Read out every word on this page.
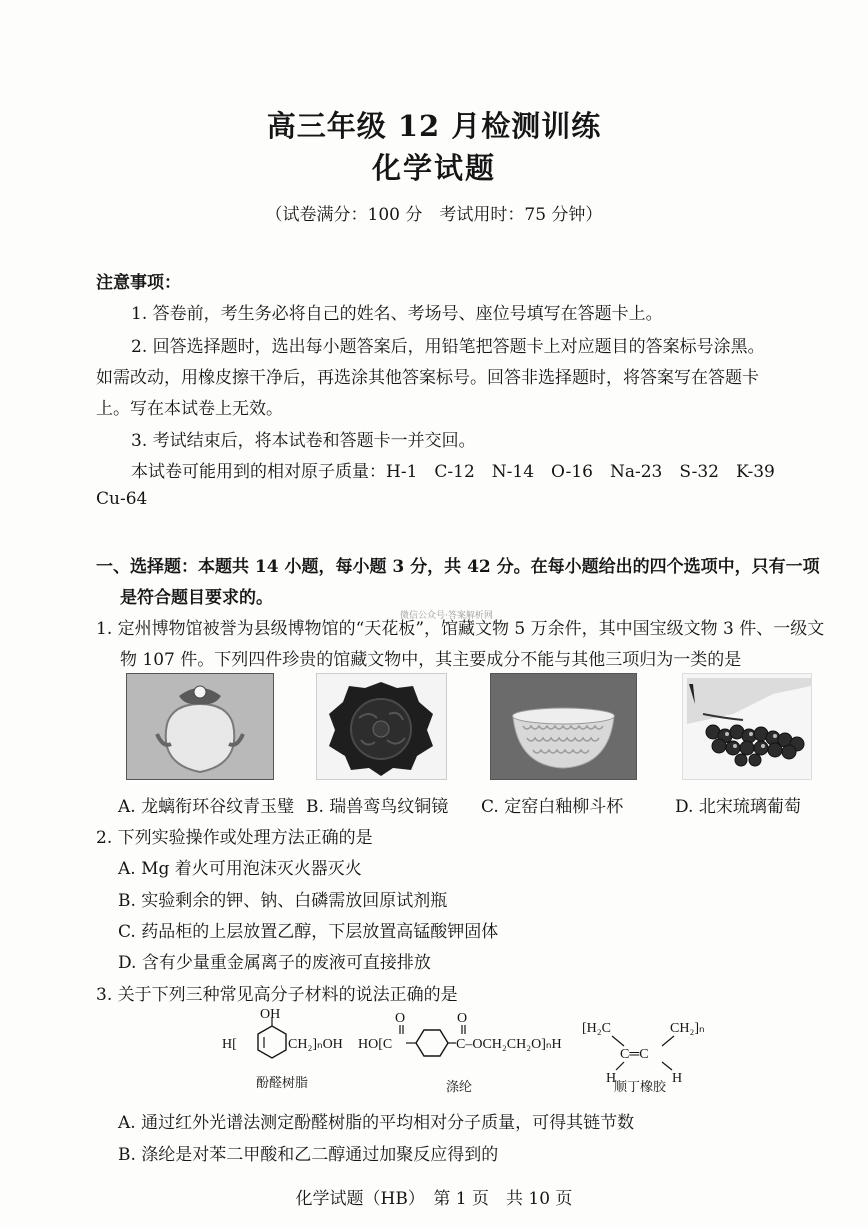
高三年级 12 月检测训练
化学试题
（试卷满分：100 分　考试用时：75 分钟）
注意事项：
1. 答卷前，考生务必将自己的姓名、考场号、座位号填写在答题卡上。
2. 回答选择题时，选出每小题答案后，用铅笔把答题卡上对应题目的答案标号涂黑。
如需改动，用橡皮擦干净后，再选涂其他答案标号。回答非选择题时，将答案写在答题卡
上。写在本试卷上无效。
3. 考试结束后，将本试卷和答题卡一并交回。
本试卷可能用到的相对原子质量：H-1　C-12　N-14　O-16　Na-23　S-32　K-39
Cu-64
一、选择题：本题共 14 小题，每小题 3 分，共 42 分。在每小题给出的四个选项中，只有一项
是符合题目要求的。
微信公众号·答案解析网
1. 定州博物馆被誉为县级博物馆的“天花板”，馆藏文物 5 万余件，其中国宝级文物 3 件、一级文
物 107 件。下列四件珍贵的馆藏文物中，其主要成分不能与其他三项归为一类的是
A. 龙螭衔环谷纹青玉璧 B. 瑞兽鸾鸟纹铜镜 C. 定窑白釉柳斗杯	D. 北宋琉璃葡萄
2. 下列实验操作或处理方法正确的是
A. Mg 着火可用泡沫灭火器灭火
B. 实验剩余的钾、钠、白磷需放回原试剂瓶
C. 药品柜的上层放置乙醇，下层放置高锰酸钾固体
D. 含有少量重金属离子的废液可直接排放
3. 关于下列三种常见高分子材料的说法正确的是
H[
OH
CH₂]ₙOH HO[C
O	O
C–OCH₂CH₂O]ₙH
[H₂C	CH₂]ₙ
C═C
H	H
酚醛树脂	涤纶	顺丁橡胶
A. 通过红外光谱法测定酚醛树脂的平均相对分子质量，可得其链节数
B. 涤纶是对苯二甲酸和乙二醇通过加聚反应得到的
化学试题（HB）　第 1 页　共 10 页
